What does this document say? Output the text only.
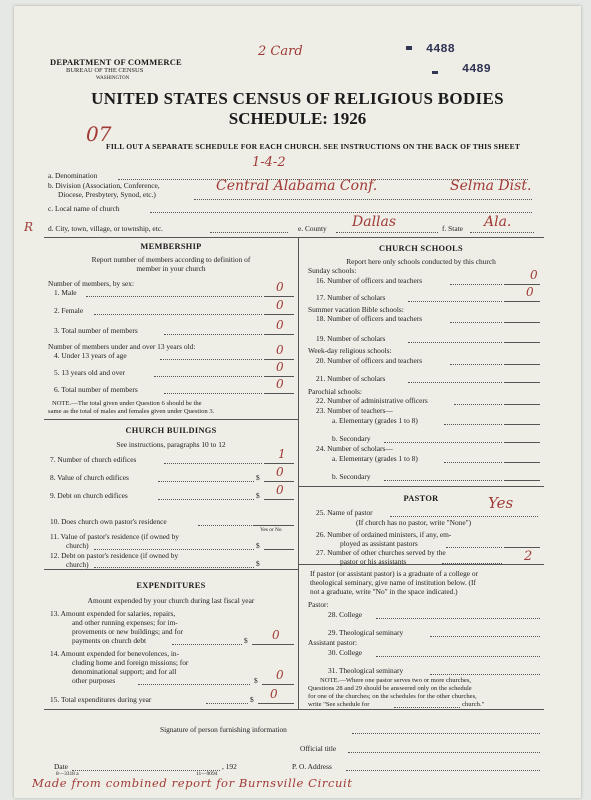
DEPARTMENT OF COMMERCE
BUREAU OF THE CENSUS
WASHINGTON
2 Card	4488
4489
UNITED STATES CENSUS OF RELIGIOUS BODIES
SCHEDULE: 1926
07
FILL OUT A SEPARATE SCHEDULE FOR EACH CHURCH. SEE INSTRUCTIONS ON THE BACK OF THIS SHEET
a. Denomination
1-4-2
b. Division (Association, Conference,
Diocese, Presbytery, Synod, etc.)
Central Alabama Conf.	Selma Dist.
c. Local name of church
R d. City, town, village, or township, etc.	e. County Dallas	f. State Ala.
MEMBERSHIP
Report number of members according to definition of
member in your church
Number of members, by sex:
1. Male	0
2. Female	0
3. Total number of members	0
Number of members under and over 13 years old:
4. Under 13 years of age	0
5. 13 years old and over	0
6. Total number of members	0
NOTE.—The total given under Question 6 should be the
same as the total of males and females given under Question 3.
CHURCH BUILDINGS
See instructions, paragraphs 10 to 12
7. Number of church edifices	1
8. Value of church edifices	$ 0
9. Debt on church edifices	$ 0
10. Does church own pastor's residence
Yes or No
11. Value of pastor's residence (if owned by
church)	$
12. Debt on pastor's residence (if owned by
church)	$
EXPENDITURES
Amount expended by your church during last fiscal year
13. Amount expended for salaries, repairs,
and other running expenses; for im-
provements or new buildings; and for
payments on church debt	$ 0
14. Amount expended for benevolences, in-
cluding home and foreign missions; for
denominational support; and for all
other purposes	$ 0
15. Total expenditures during year	$ 0
CHURCH SCHOOLS
Report here only schools conducted by this church
Sunday schools:
16. Number of officers and teachers	0
17. Number of scholars	0
Summer vacation Bible schools:
18. Number of officers and teachers
19. Number of scholars
Week-day religious schools:
20. Number of officers and teachers
21. Number of scholars
Parochial schools:
22. Number of administrative officers
23. Number of teachers—
a. Elementary (grades 1 to 8)
b. Secondary
24. Number of scholars—
a. Elementary (grades 1 to 8)
b. Secondary
PASTOR
25. Name of pastor
Yes
(If church has no pastor, write "None")
26. Number of ordained ministers, if any, em-
ployed as assistant pastors
27. Number of other churches served by the
pastor or his assistants	2
If pastor (or assistant pastor) is a graduate of a college or
theological seminary, give name of institution below. (If
not a graduate, write "No" in the space indicated.)
Pastor:
28. College
29. Theological seminary
Assistant pastor:
30. College
31. Theological seminary
NOTE.—Where one pastor serves two or more churches,
Questions 28 and 29 should be answered only on the schedule
for one of the churches; on the schedules for the other churches,
write "See schedule for	church."
Signature of person furnishing information
Official title
Date	, 192	P. O. Address
8—3318 a	11—9094
Made from combined report for Burnsville Circuit
